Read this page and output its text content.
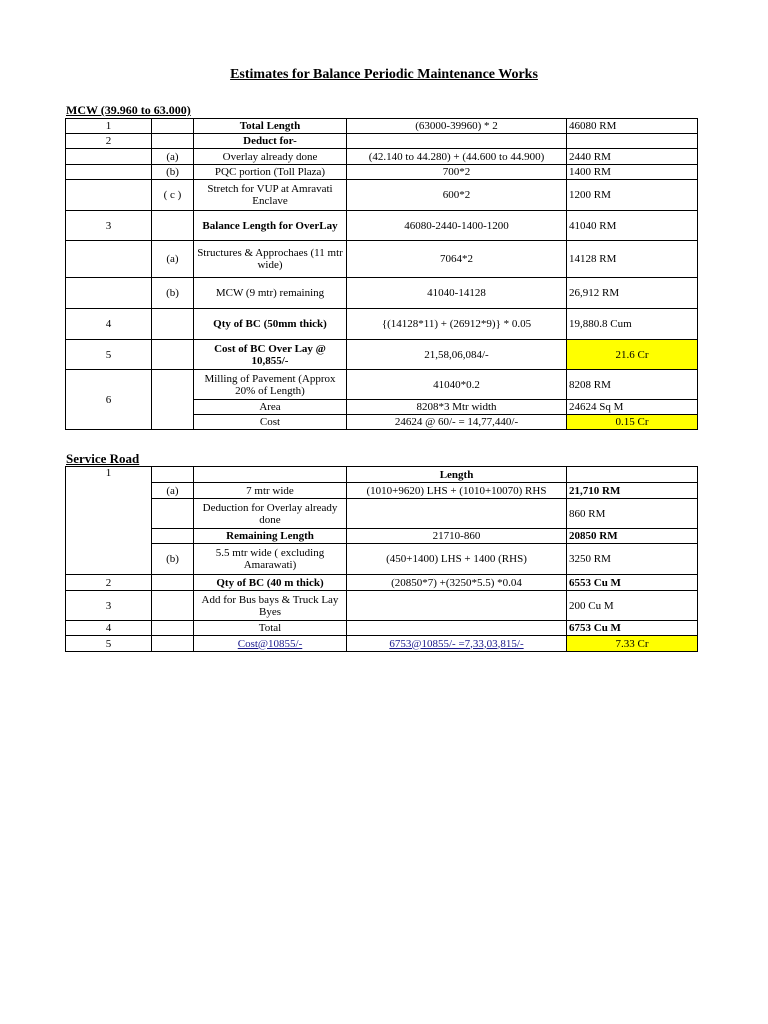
Estimates for Balance Periodic Maintenance Works
MCW (39.960 to 63.000)
1		Total Length	(63000-39960) * 2	46080 RM
2		Deduct for-		
	(a)	Overlay already done	(42.140 to 44.280) + (44.600 to 44.900)	2440 RM
	(b)	PQC portion (Toll Plaza)	700*2	1400 RM
	( c )	Stretch for VUP at Amravati Enclave	600*2	1200 RM
3		Balance Length for OverLay	46080-2440-1400-1200	41040 RM
	(a)	Structures & Approchaes (11 mtr wide)	7064*2	14128 RM
	(b)	MCW (9 mtr) remaining	41040-14128	26,912 RM
4		Qty of BC (50mm thick)	{(14128*11) + (26912*9)} * 0.05	19,880.8 Cum
5		Cost of BC Over Lay @ 10,855/-	21,58,06,084/-	21.6 Cr
6		Milling of Pavement (Approx 20% of Length)	41040*0.2	8208 RM
		Area	8208*3 Mtr width	24624 Sq M
		Cost	24624 @ 60/- = 14,77,440/-	0.15 Cr
Service Road
1			Length	
	(a)	7 mtr wide	(1010+9620) LHS + (1010+10070) RHS	21,710 RM
		Deduction for Overlay already done		860 RM
		Remaining Length	21710-860	20850 RM
	(b)	5.5 mtr wide ( excluding Amarawati)	(450+1400) LHS + 1400 (RHS)	3250 RM
2		Qty of BC (40 m thick)	(20850*7) +(3250*5.5) *0.04	6553 Cu M
3		Add for Bus bays & Truck Lay Byes		200 Cu M
4		Total		6753 Cu M
5		Cost@10855/-	6753@10855/- =7,33,03,815/-	7.33 Cr
